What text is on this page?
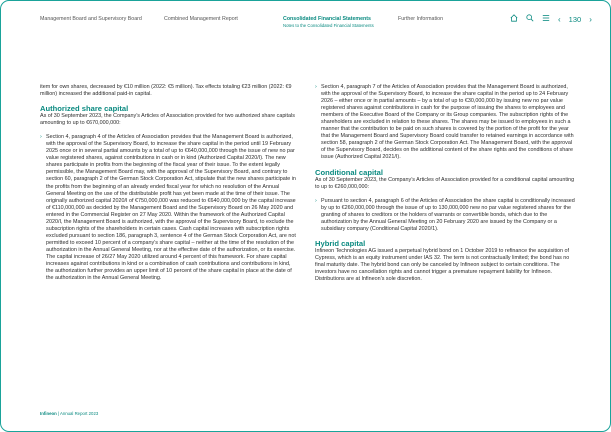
Management Board and Supervisory Board	Combined Management Report	Consolidated Financial Statements
Notes to the Consolidated Financial Statements
Further Information	‹ 130 ›

item for own shares, decreased by €10 million (2022: €5 million). Tax effects totaling €23 million (2022: €9 million) increased the additional paid-in capital.

Authorized share capital

As of 30 September 2023, the Company’s Articles of Association provided for two authorized share capitals amounting to up to €670,000,000:

› Section 4, paragraph 4 of the Articles of Association provides that the Management Board is authorized, with the approval of the Supervisory Board, to increase the share capital in the period until 19 February 2025 once or in several partial amounts by a total of up to €640,000,000 through the issue of new no par value registered shares, against contributions in cash or in kind (Authorized Capital 2020/I). The new shares participate in profits from the beginning of the fiscal year of their issue. To the extent legally permissible, the Management Board may, with the approval of the Supervisory Board, and contrary to section 60, paragraph 2 of the German Stock Corporation Act, stipulate that the new shares participate in the profits from the beginning of an already ended fiscal year for which no resolution of the Annual General Meeting on the use of the distributable profit has yet been made at the time of their issue. The originally authorized capital 2020/I of €750,000,000 was reduced to €640,000,000 by the capital increase of €110,000,000 as decided by the Management Board and the Supervisory Board on 26 May 2020 and entered in the Commercial Register on 27 May 2020. Within the framework of the Authorized Capital 2020/I, the Management Board is authorized, with the approval of the Supervisory Board, to exclude the subscription rights of the shareholders in certain cases. Cash capital increases with subscription rights excluded pursuant to section 186, paragraph 3, sentence 4 of the German Stock Corporation Act, are not permitted to exceed 10 percent of a company’s share capital – neither at the time of the resolution of the authorization in the Annual General Meeting, nor at the effective date of the authorization, or its exercise. The capital increase of 26/27 May 2020 utilized around 4 percent of this framework. For share capital increases against contributions in kind or a combination of cash contributions and contributions in kind, the authorization further provides an upper limit of 10 percent of the share capital in place at the date of the authorization in the Annual General Meeting.

› Section 4, paragraph 7 of the Articles of Association provides that the Management Board is authorized, with the approval of the Supervisory Board, to increase the share capital in the period up to 24 February 2026 – either once or in partial amounts – by a total of up to €30,000,000 by issuing new no par value registered shares against contributions in cash for the purpose of issuing the shares to employees and members of the Executive Board of the Company or its Group companies. The subscription rights of the shareholders are excluded in relation to these shares. The shares may be issued to employees in such a manner that the contribution to be paid on such shares is covered by the portion of the profit for the year that the Management Board and Supervisory Board could transfer to retained earnings in accordance with section 58, paragraph 2 of the German Stock Corporation Act. The Management Board, with the approval of the Supervisory Board, decides on the additional content of the share rights and the conditions of share issue (Authorized Capital 2021/I).

Conditional capital

As of 30 September 2023, the Company’s Articles of Association provided for a conditional capital amounting to up to €260,000,000:

› Pursuant to section 4, paragraph 6 of the Articles of Association the share capital is conditionally increased by up to €260,000,000 through the issue of up to 130,000,000 new no par value registered shares for the granting of shares to creditors or the holders of warrants or convertible bonds, which due to the authorization by the Annual General Meeting on 20 February 2020 are issued by the Company or a subsidiary company (Conditional Capital 2020/1).

Hybrid capital

Infineon Technologies AG issued a perpetual hybrid bond on 1 October 2019 to refinance the acquisition of Cypress, which is an equity instrument under IAS 32. The term is not contractually limited; the bond has no final maturity date. The hybrid bond can only be canceled by Infineon subject to certain conditions. The investors have no cancellation rights and cannot trigger a premature repayment liability for Infineon. Distributions are at Infineon’s sole discretion.

Infineon | Annual Report 2023
